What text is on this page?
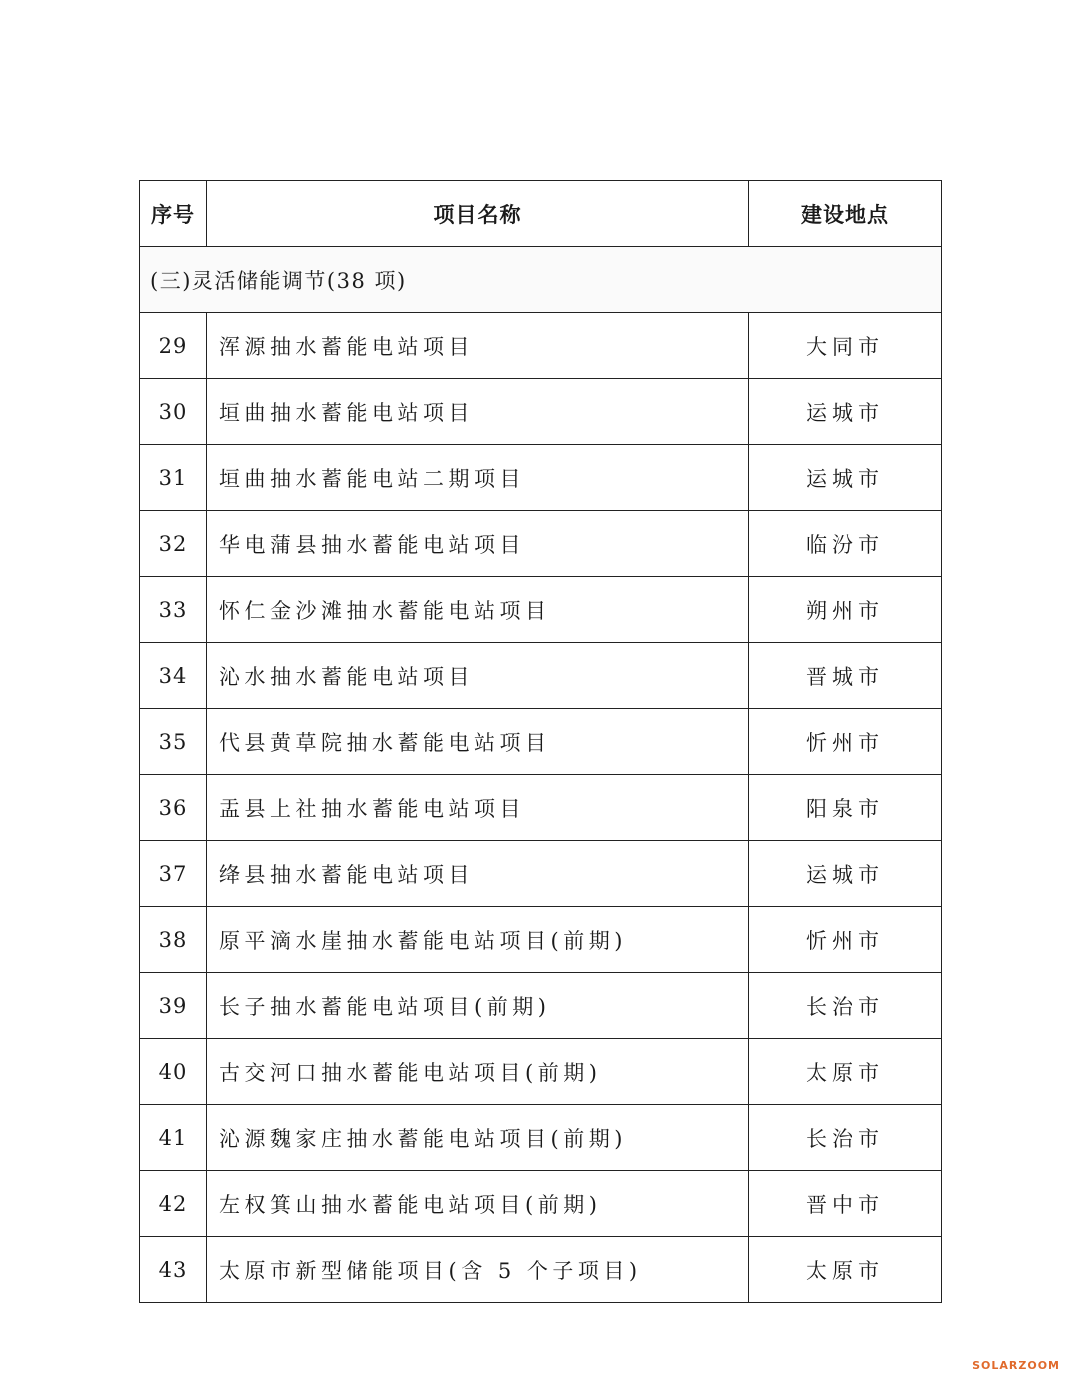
序号	项目名称	建设地点
(三)灵活储能调节(38 项)		
29	浑源抽水蓄能电站项目	大同市
30	垣曲抽水蓄能电站项目	运城市
31	垣曲抽水蓄能电站二期项目	运城市
32	华电蒲县抽水蓄能电站项目	临汾市
33	怀仁金沙滩抽水蓄能电站项目	朔州市
34	沁水抽水蓄能电站项目	晋城市
35	代县黄草院抽水蓄能电站项目	忻州市
36	盂县上社抽水蓄能电站项目	阳泉市
37	绛县抽水蓄能电站项目	运城市
38	原平滴水崖抽水蓄能电站项目(前期)	忻州市
39	长子抽水蓄能电站项目(前期)	长治市
40	古交河口抽水蓄能电站项目(前期)	太原市
41	沁源魏家庄抽水蓄能电站项目(前期)	长治市
42	左权箕山抽水蓄能电站项目(前期)	晋中市
43	太原市新型储能项目(含 5 个子项目)	太原市
SOLARZOOM
